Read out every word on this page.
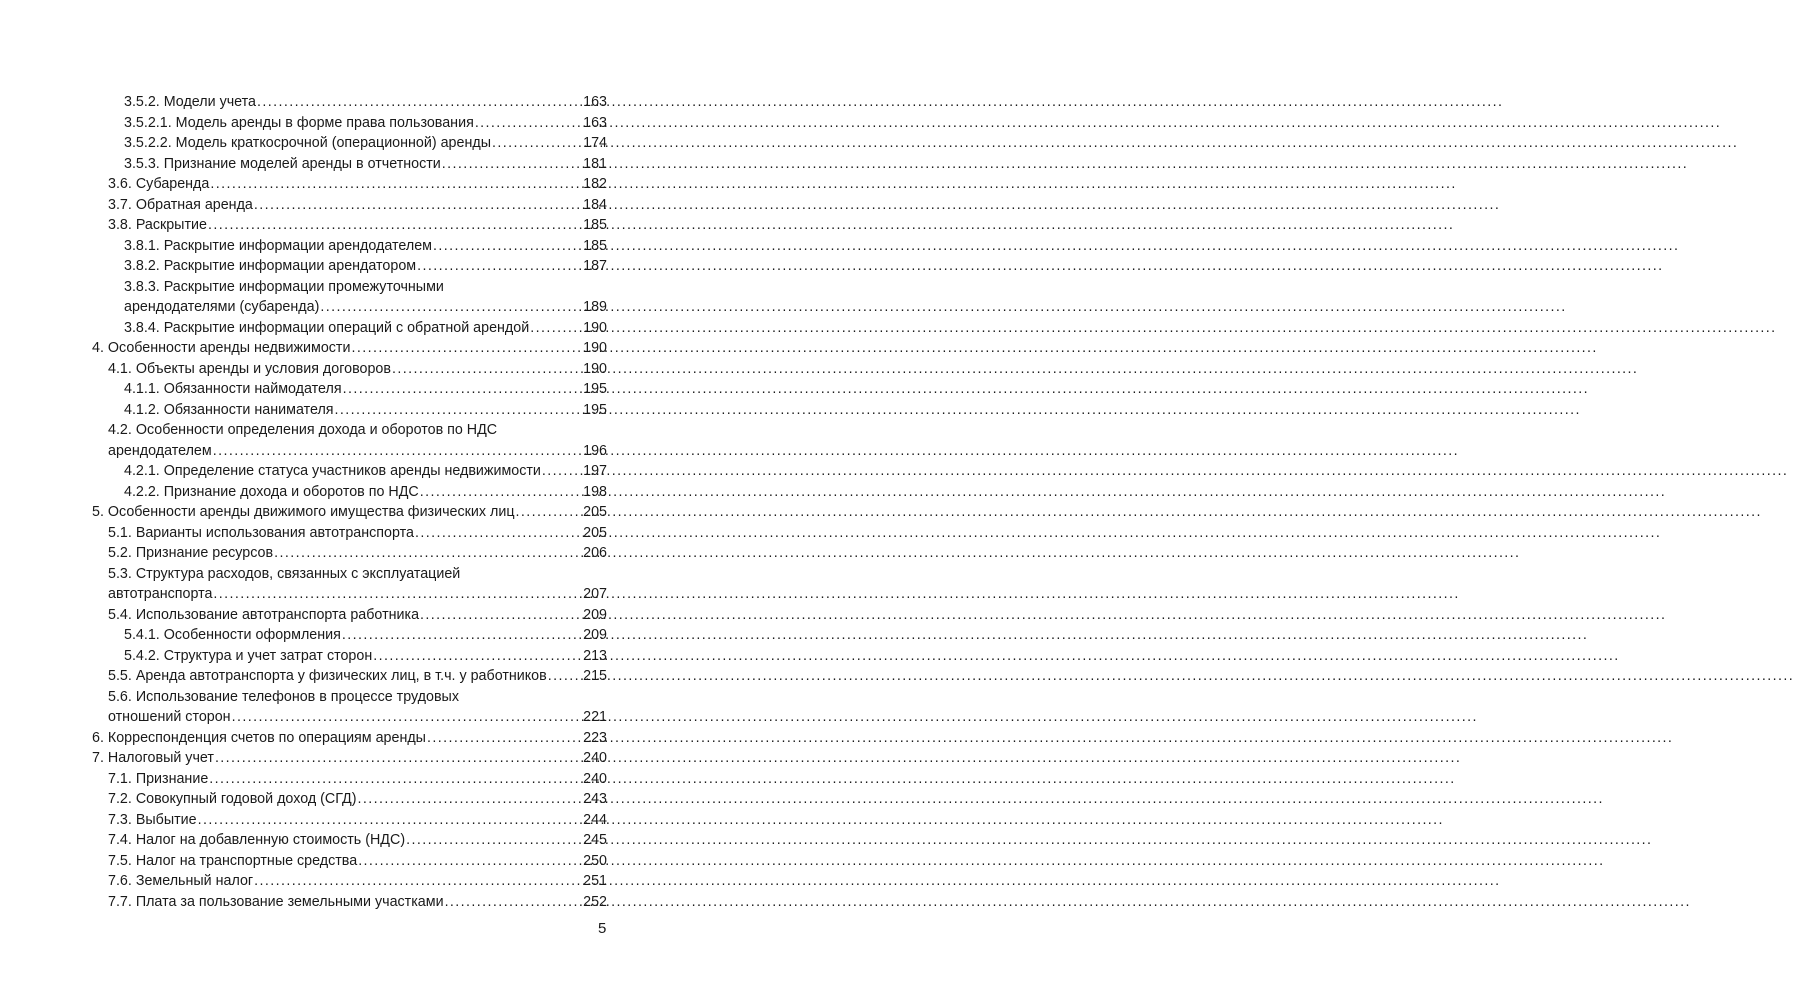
3.5.2. Модели учета .....	163
3.5.2.1. Модель аренды в форме права пользования .....	163
3.5.2.2. Модель краткосрочной (операционной) аренды .....	174
3.5.3. Признание моделей аренды в отчетности .....	181
3.6. Субаренда .....	182
3.7. Обратная аренда .....	184
3.8. Раскрытие .....	185
3.8.1. Раскрытие информации арендодателем .....	185
3.8.2. Раскрытие информации арендатором .....	187
3.8.3. Раскрытие информации промежуточными
арендодателями (субаренда) .....	189
3.8.4. Раскрытие информации операций с обратной арендой .....	190
4. Особенности аренды недвижимости .....	190
4.1. Объекты аренды и условия договоров .....	190
4.1.1. Обязанности наймодателя .....	195
4.1.2. Обязанности нанимателя .....	195
4.2. Особенности определения дохода и оборотов по НДС
арендодателем .....	196
4.2.1. Определение статуса участников аренды недвижимости .....	197
4.2.2. Признание дохода и оборотов по НДС .....	198
5. Особенности аренды движимого имущества физических лиц .....	205
5.1. Варианты использования автотранспорта .....	205
5.2. Признание ресурсов .....	206
5.3. Структура расходов, связанных с эксплуатацией
автотранспорта .....	207
5.4. Использование автотранспорта работника .....	209
5.4.1. Особенности оформления .....	209
5.4.2. Структура и учет затрат сторон .....	213
5.5. Аренда автотранспорта у физических лиц, в т.ч. у работников .....	215
5.6. Использование телефонов в процессе трудовых
отношений сторон .....	221
6. Корреспонденция счетов по операциям аренды .....	223
7. Налоговый учет .....	240
7.1. Признание .....	240
7.2. Совокупный годовой доход (СГД) .....	243
7.3. Выбытие .....	244
7.4. Налог на добавленную стоимость (НДС) .....	245
7.5. Налог на транспортные средства .....	250
7.6. Земельный налог .....	251
7.7. Плата за пользование земельными участками .....	252
5
